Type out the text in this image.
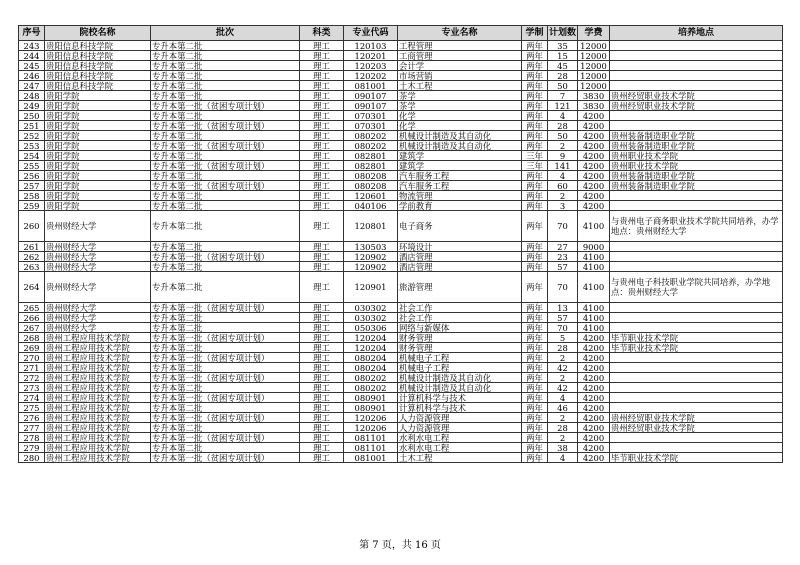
序号	院校名称	批次	科类	专业代码	专业名称	学制	计划数	学费	培养地点
243	贵阳信息科技学院	专升本第二批	理工	120103	工程管理	两年	35	12000	
244	贵阳信息科技学院	专升本第二批	理工	120201	工商管理	两年	15	12000	
245	贵阳信息科技学院	专升本第二批	理工	120203	会计学	两年	45	12000	
246	贵阳信息科技学院	专升本第二批	理工	120202	市场营销	两年	28	12000	
247	贵阳信息科技学院	专升本第二批	理工	081001	土木工程	两年	50	12000	
248	贵阳学院	专升本第一批	理工	090107	茶学	两年	7	3830	贵州经贸职业技术学院
249	贵阳学院	专升本第一批（贫困专项计划）	理工	090107	茶学	两年	121	3830	贵州经贸职业技术学院
250	贵阳学院	专升本第二批	理工	070301	化学	两年	4	4200	
251	贵阳学院	专升本第一批（贫困专项计划）	理工	070301	化学	两年	28	4200	
252	贵阳学院	专升本第二批	理工	080202	机械设计制造及其自动化	两年	50	4200	贵州装备制造职业学院
253	贵阳学院	专升本第一批（贫困专项计划）	理工	080202	机械设计制造及其自动化	两年	2	4200	贵州装备制造职业学院
254	贵阳学院	专升本第二批	理工	082801	建筑学	三年	9	4200	贵州职业技术学院
255	贵阳学院	专升本第一批（贫困专项计划）	理工	082801	建筑学	三年	141	4200	贵州职业技术学院
256	贵阳学院	专升本第二批	理工	080208	汽车服务工程	两年	4	4200	贵州装备制造职业学院
257	贵阳学院	专升本第一批（贫困专项计划）	理工	080208	汽车服务工程	两年	60	4200	贵州装备制造职业学院
258	贵阳学院	专升本第二批	理工	120601	物流管理	两年	2	4200	
259	贵阳学院	专升本第二批	理工	040106	学前教育	两年	3	4200	
260	贵州财经大学	专升本第二批	理工	120801	电子商务	两年	70	4100	与贵州电子商务职业技术学院共同培养，办学地点：贵州财经大学
261	贵州财经大学	专升本第二批	理工	130503	环境设计	两年	27	9000	
262	贵州财经大学	专升本第一批（贫困专项计划）	理工	120902	酒店管理	两年	23	4100	
263	贵州财经大学	专升本第二批	理工	120902	酒店管理	两年	57	4100	
264	贵州财经大学	专升本第二批	理工	120901	旅游管理	两年	70	4100	与贵州电子科技职业学院共同培养，办学地点：贵州财经大学
265	贵州财经大学	专升本第一批（贫困专项计划）	理工	030302	社会工作	两年	13	4100	
266	贵州财经大学	专升本第二批	理工	030302	社会工作	两年	57	4100	
267	贵州财经大学	专升本第二批	理工	050306	网络与新媒体	两年	70	4100	
268	贵州工程应用技术学院	专升本第一批（贫困专项计划）	理工	120204	财务管理	两年	5	4200	毕节职业技术学院
269	贵州工程应用技术学院	专升本第二批	理工	120204	财务管理	两年	28	4200	毕节职业技术学院
270	贵州工程应用技术学院	专升本第一批（贫困专项计划）	理工	080204	机械电子工程	两年	2	4200	
271	贵州工程应用技术学院	专升本第二批	理工	080204	机械电子工程	两年	42	4200	
272	贵州工程应用技术学院	专升本第一批（贫困专项计划）	理工	080202	机械设计制造及其自动化	两年	2	4200	
273	贵州工程应用技术学院	专升本第二批	理工	080202	机械设计制造及其自动化	两年	42	4200	
274	贵州工程应用技术学院	专升本第一批（贫困专项计划）	理工	080901	计算机科学与技术	两年	4	4200	
275	贵州工程应用技术学院	专升本第二批	理工	080901	计算机科学与技术	两年	46	4200	
276	贵州工程应用技术学院	专升本第一批（贫困专项计划）	理工	120206	人力资源管理	两年	2	4200	贵州经贸职业技术学院
277	贵州工程应用技术学院	专升本第二批	理工	120206	人力资源管理	两年	28	4200	贵州经贸职业技术学院
278	贵州工程应用技术学院	专升本第一批（贫困专项计划）	理工	081101	水利水电工程	两年	2	4200	
279	贵州工程应用技术学院	专升本第二批	理工	081101	水利水电工程	两年	38	4200	
280	贵州工程应用技术学院	专升本第一批（贫困专项计划）	理工	081001	土木工程	两年	4	4200	毕节职业技术学院
第 7 页，共 16 页
